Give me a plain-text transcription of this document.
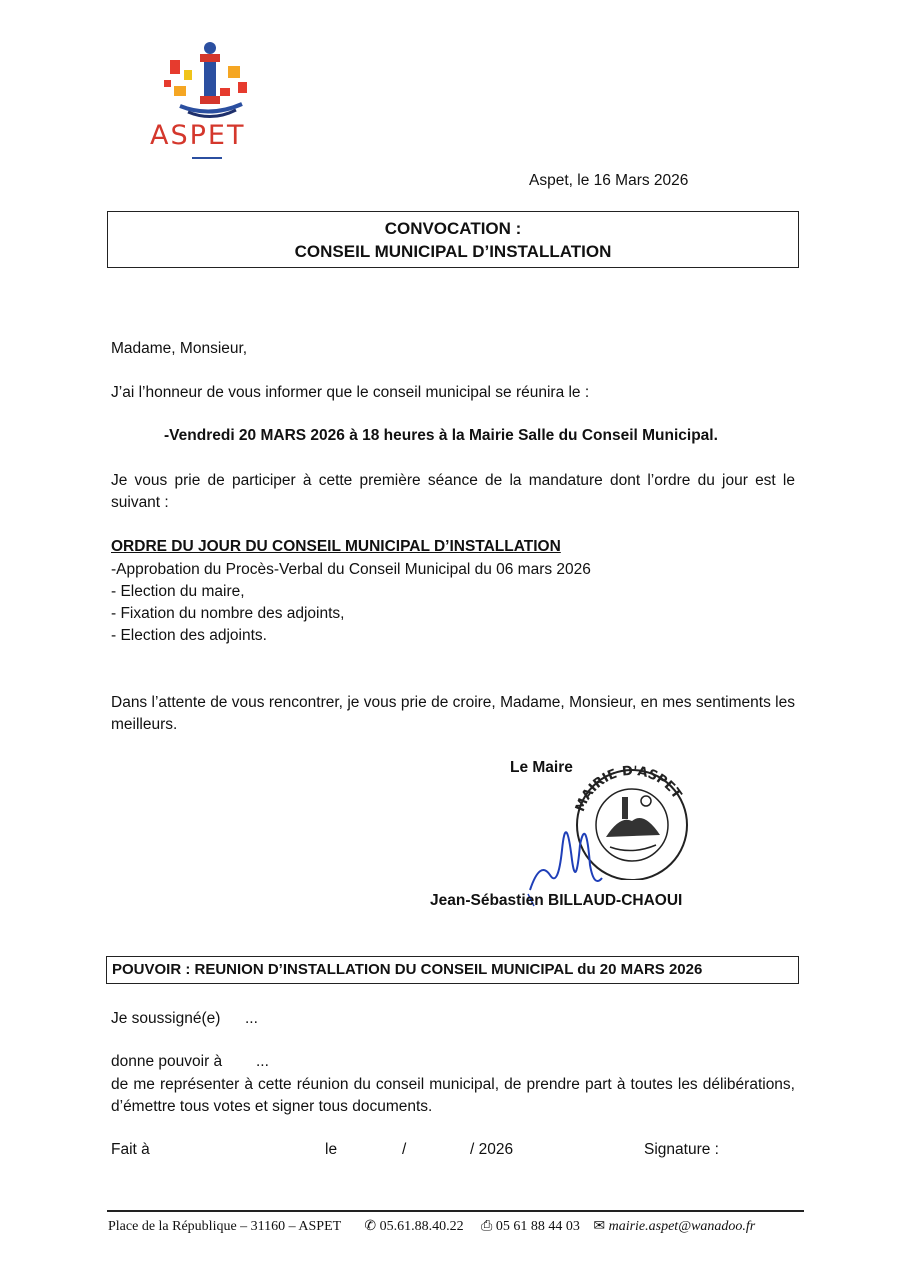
ASPET
Aspet, le 16 Mars 2026
CONVOCATION :
CONSEIL MUNICIPAL D’INSTALLATION
Madame, Monsieur,
J’ai l’honneur de vous informer que le conseil municipal se réunira le :
-Vendredi 20 MARS 2026 à 18 heures à la Mairie Salle du Conseil Municipal.
Je vous prie de participer à cette première séance de la mandature dont l’ordre du jour est le suivant :
ORDRE DU JOUR DU CONSEIL MUNICIPAL D’INSTALLATION
-Approbation du Procès-Verbal du Conseil Municipal du 06 mars 2026
- Election du maire,
- Fixation du nombre des adjoints,
- Election des adjoints.
Dans l’attente de vous rencontrer, je vous prie de croire, Madame, Monsieur, en mes sentiments les meilleurs.
Le Maire
MAIRIE D'ASPET
Jean-Sébastien BILLAUD-CHAOUI
POUVOIR : REUNION D’INSTALLATION DU CONSEIL MUNICIPAL du 20 MARS 2026
Je soussigné(e) ...
donne pouvoir à ...
de me représenter à cette réunion du conseil municipal, de prendre part à toutes les délibérations, d’émettre tous votes et signer tous documents.
Fait à	le	/	/ 2026	Signature :
Place de la République – 31160 – ASPET ✆ 05.61.88.40.22 ⎙ 05 61 88 44 03 ✉ mairie.aspet@wanadoo.fr
